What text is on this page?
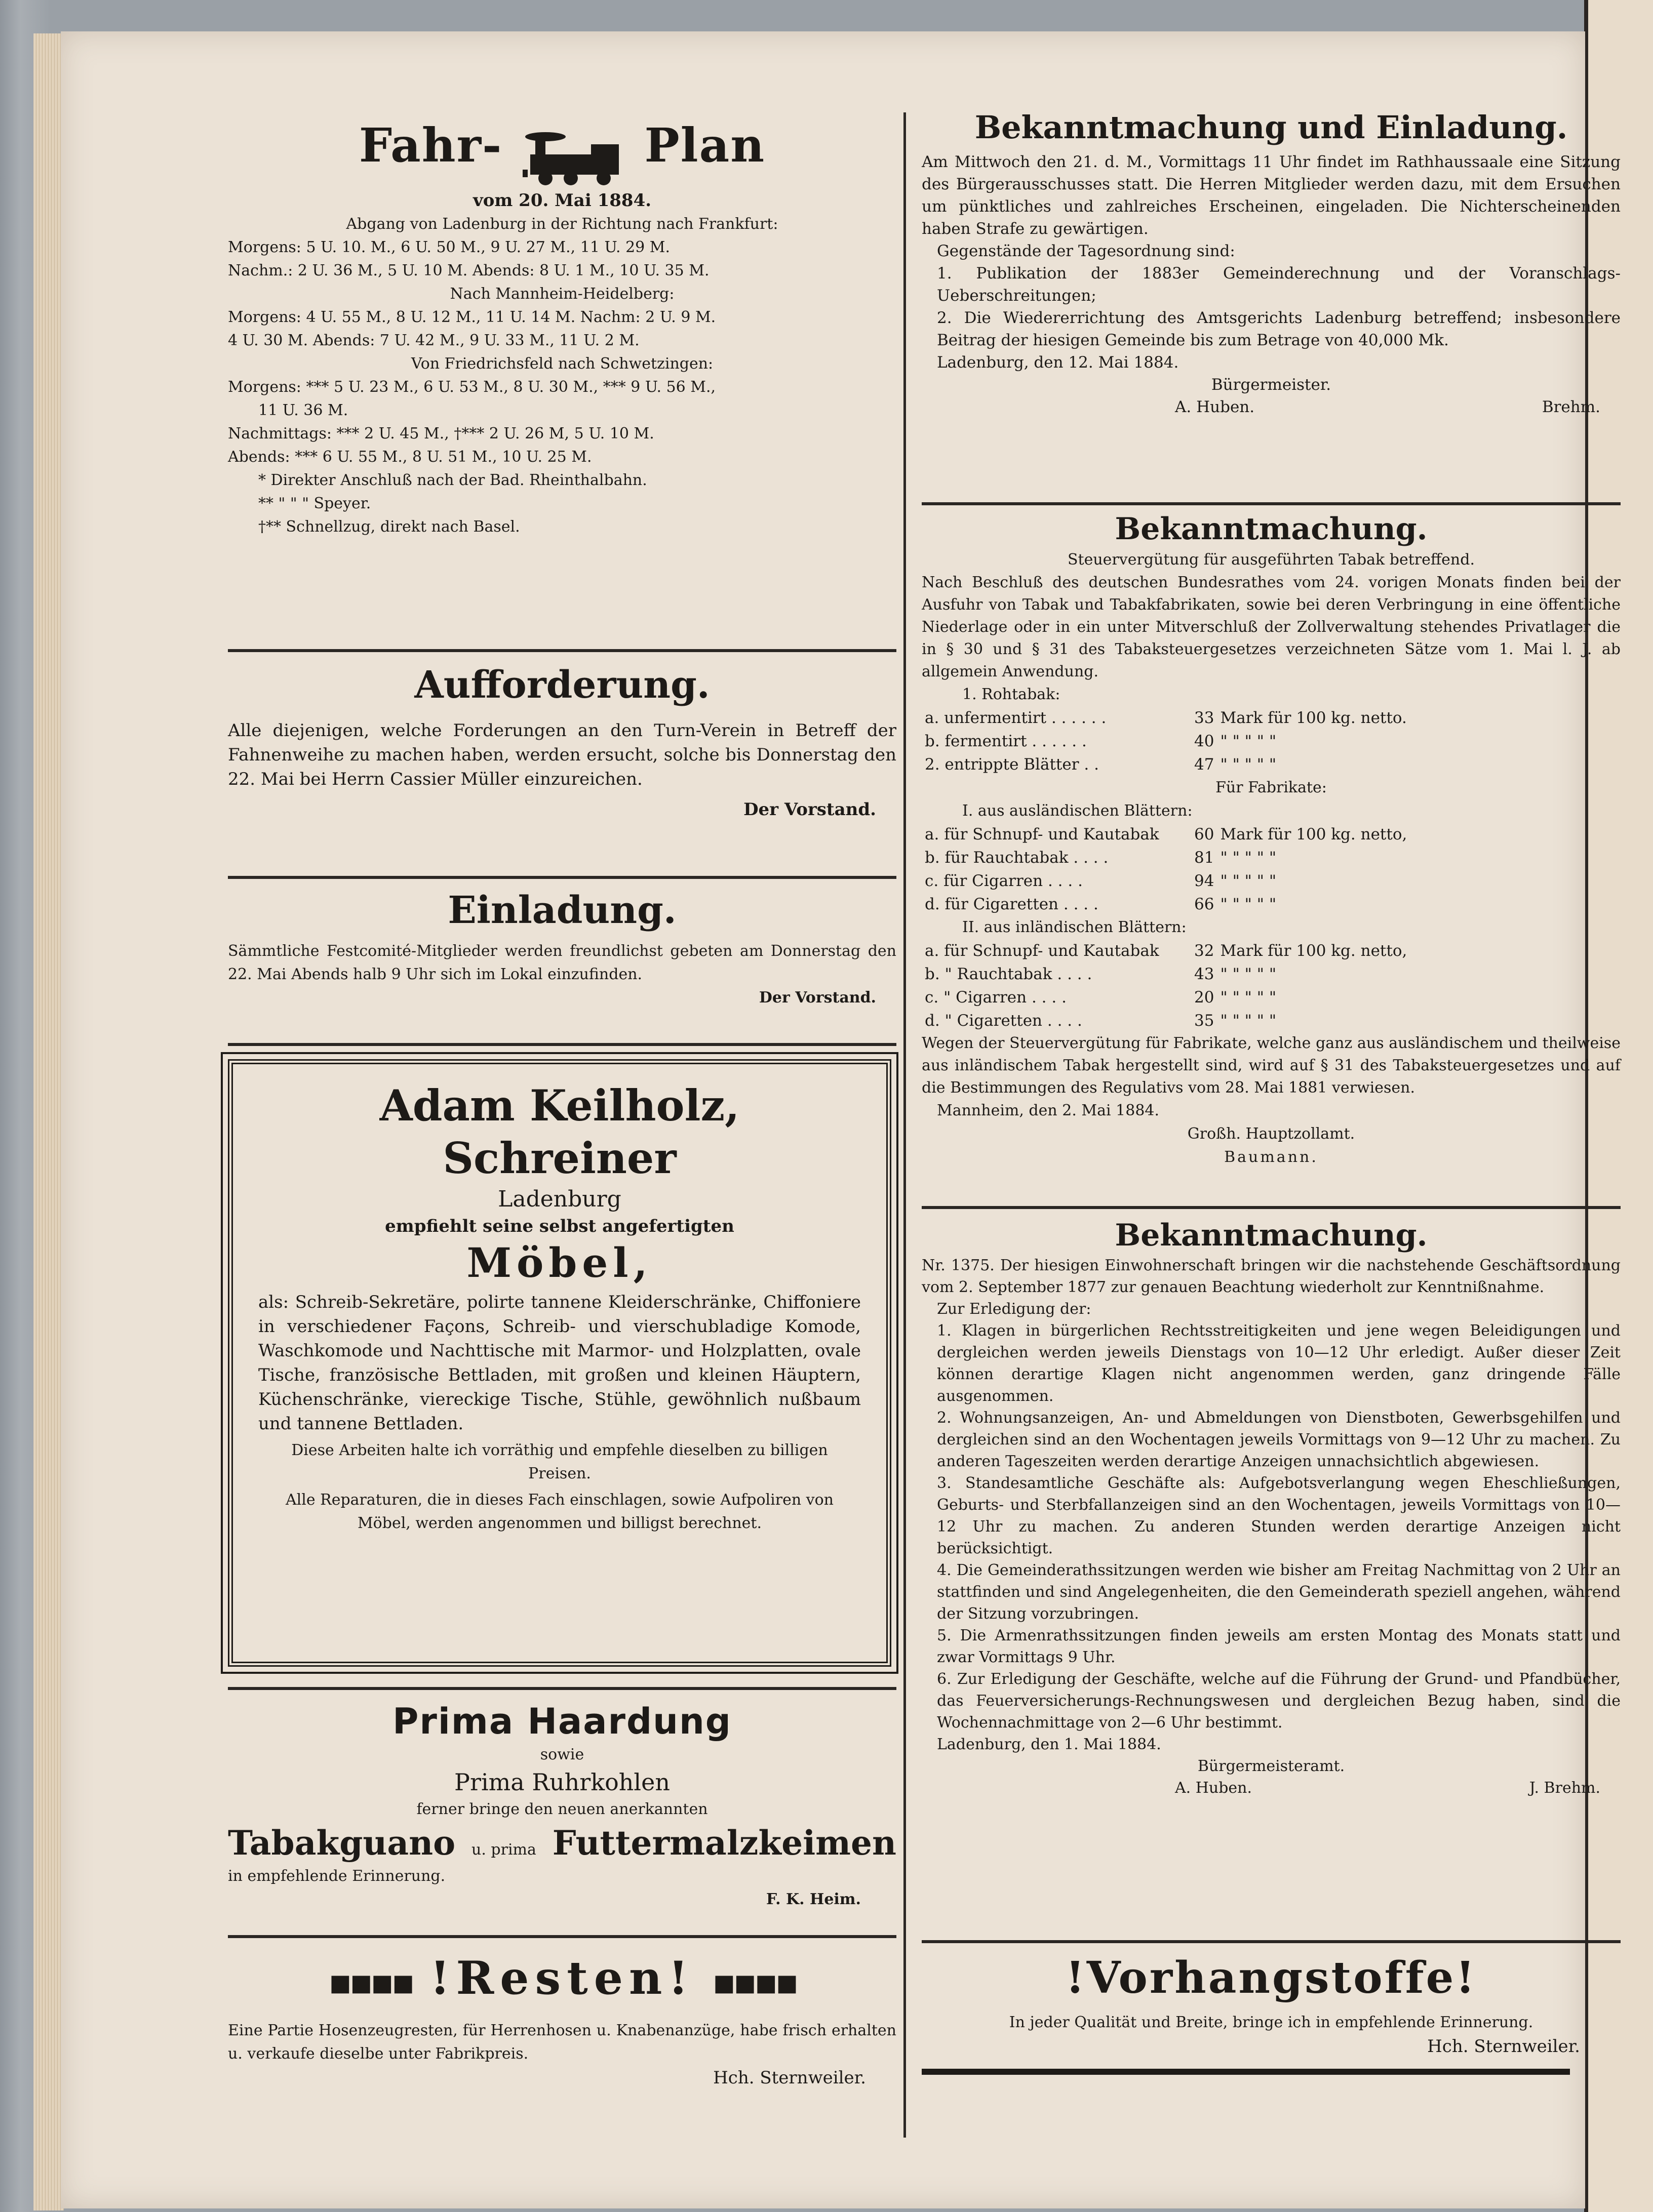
Fahr-	Plan
vom 20. Mai 1884.
Abgang von Ladenburg in der Richtung nach Frankfurt:
Morgens: 5 U. 10. M., 6 U. 50 M., 9 U. 27 M., 11 U. 29 M.
Nachm.: 2 U. 36 M., 5 U. 10 M. Abends: 8 U. 1 M., 10 U. 35 M.
Nach Mannheim-Heidelberg:
Morgens: 4 U. 55 M., 8 U. 12 M., 11 U. 14 M. Nachm: 2 U. 9 M.
4 U. 30 M. Abends: 7 U. 42 M., 9 U. 33 M., 11 U. 2 M.
Von Friedrichsfeld nach Schwetzingen:
Morgens: *** 5 U. 23 M., 6 U. 53 M., 8 U. 30 M., *** 9 U. 56 M.,
11 U. 36 M.
Nachmittags: *** 2 U. 45 M., †*** 2 U. 26 M, 5 U. 10 M.
Abends: *** 6 U. 55 M., 8 U. 51 M., 10 U. 25 M.
* Direkter Anschluß nach der Bad. Rheinthalbahn.
** " " " Speyer.
†** Schnellzug, direkt nach Basel.
Aufforderung.
Alle diejenigen, welche Forderungen an den Turn-Verein in Betreff der Fahnenweihe zu machen haben, werden ersucht, solche bis Donnerstag den 22. Mai bei Herrn Cassier Müller einzureichen.
Der Vorstand.
Einladung.
Sämmtliche Festcomité-Mitglieder werden freundlichst gebeten am Donnerstag den 22. Mai Abends halb 9 Uhr sich im Lokal einzufinden.
Der Vorstand.
Adam Keilholz, Schreiner
Ladenburg
empfiehlt seine selbst angefertigten
Möbel,
als: Schreib-Sekretäre, polirte tannene Kleiderschränke, Chiffoniere in verschiedener Façons, Schreib- und vierschubladige Komode, Waschkomode und Nachttische mit Marmor- und Holzplatten, ovale Tische, französische Bettladen, mit großen und kleinen Häuptern, Küchenschränke, viereckige Tische, Stühle, gewöhnlich nußbaum und tannene Bettladen.
Diese Arbeiten halte ich vorräthig und empfehle dieselben zu billigen Preisen.
Alle Reparaturen, die in dieses Fach einschlagen, sowie Aufpoliren von Möbel, werden angenommen und billigst berechnet.
Prima Haardung
sowie
Prima Ruhrkohlen
ferner bringe den neuen anerkannten
Tabakguano u. prima Futtermalzkeimen
in empfehlende Erinnerung.
F. K. Heim.
▪▪▪▪ !Resten! ▪▪▪▪
Eine Partie Hosenzeugresten, für Herrenhosen u. Knabenanzüge, habe frisch erhalten u. verkaufe dieselbe unter Fabrikpreis.
Hch. Sternweiler.
Bekanntmachung und Einladung.
Am Mittwoch den 21. d. M., Vormittags 11 Uhr findet im Rathhaussaale eine Sitzung des Bürgerausschusses statt. Die Herren Mitglieder werden dazu, mit dem Ersuchen um pünktliches und zahlreiches Erscheinen, eingeladen. Die Nichterscheinenden haben Strafe zu gewärtigen.
Gegenstände der Tagesordnung sind:
1. Publikation der 1883er Gemeinderechnung und der Voranschlags-Ueberschreitungen;
2. Die Wiedererrichtung des Amtsgerichts Ladenburg betreffend; insbesondere Beitrag der hiesigen Gemeinde bis zum Betrage von 40,000 Mk.
Ladenburg, den 12. Mai 1884.
Bürgermeister.
A. Huben.	Brehm.
Bekanntmachung.
Steuervergütung für ausgeführten Tabak betreffend.
Nach Beschluß des deutschen Bundesrathes vom 24. vorigen Monats finden bei der Ausfuhr von Tabak und Tabakfabrikaten, sowie bei deren Verbringung in eine öffentliche Niederlage oder in ein unter Mitverschluß der Zollverwaltung stehendes Privatlager die in § 30 und § 31 des Tabaksteuergesetzes verzeichneten Sätze vom 1. Mai l. J. ab allgemein Anwendung.
1. Rohtabak:
a. unfermentirt . . . . . .	33	Mark für 100 kg. netto.
b. fermentirt . . . . . .	40	" " " " "
2. entrippte Blätter . .	47	" " " " "
Für Fabrikate:
I. aus ausländischen Blättern:
a. für Schnupf- und Kautabak	60	Mark für 100 kg. netto,
b. für Rauchtabak . . . .	81	" " " " "
c. für Cigarren . . . .	94	" " " " "
d. für Cigaretten . . . .	66	" " " " "
II. aus inländischen Blättern:
a. für Schnupf- und Kautabak	32	Mark für 100 kg. netto,
b. " Rauchtabak . . . .	43	" " " " "
c. " Cigarren . . . .	20	" " " " "
d. " Cigaretten . . . .	35	" " " " "
Wegen der Steuervergütung für Fabrikate, welche ganz aus ausländischem und theilweise aus inländischem Tabak hergestellt sind, wird auf § 31 des Tabaksteuergesetzes und auf die Bestimmungen des Regulativs vom 28. Mai 1881 verwiesen.
Mannheim, den 2. Mai 1884.
Großh. Hauptzollamt.
Baumann.
Bekanntmachung.
Nr. 1375. Der hiesigen Einwohnerschaft bringen wir die nachstehende Geschäftsordnung vom 2. September 1877 zur genauen Beachtung wiederholt zur Kenntnißnahme.
Zur Erledigung der:
1. Klagen in bürgerlichen Rechtsstreitigkeiten und jene wegen Beleidigungen und dergleichen werden jeweils Dienstags von 10—12 Uhr erledigt. Außer dieser Zeit können derartige Klagen nicht angenommen werden, ganz dringende Fälle ausgenommen.
2. Wohnungsanzeigen, An- und Abmeldungen von Dienstboten, Gewerbsgehilfen und dergleichen sind an den Wochentagen jeweils Vormittags von 9—12 Uhr zu machen. Zu anderen Tageszeiten werden derartige Anzeigen unnachsichtlich abgewiesen.
3. Standesamtliche Geschäfte als: Aufgebotsverlangung wegen Eheschließungen, Geburts- und Sterbfallanzeigen sind an den Wochentagen, jeweils Vormittags von 10—12 Uhr zu machen. Zu anderen Stunden werden derartige Anzeigen nicht berücksichtigt.
4. Die Gemeinderathssitzungen werden wie bisher am Freitag Nachmittag von 2 Uhr an stattfinden und sind Angelegenheiten, die den Gemeinderath speziell angehen, während der Sitzung vorzubringen.
5. Die Armenrathssitzungen finden jeweils am ersten Montag des Monats statt und zwar Vormittags 9 Uhr.
6. Zur Erledigung der Geschäfte, welche auf die Führung der Grund- und Pfandbücher, das Feuerversicherungs-Rechnungswesen und dergleichen Bezug haben, sind die Wochennachmittage von 2—6 Uhr bestimmt.
Ladenburg, den 1. Mai 1884.
Bürgermeisteramt.
A. Huben.	J. Brehm.
!Vorhangstoffe!
In jeder Qualität und Breite, bringe ich in empfehlende Erinnerung.
Hch. Sternweiler.
